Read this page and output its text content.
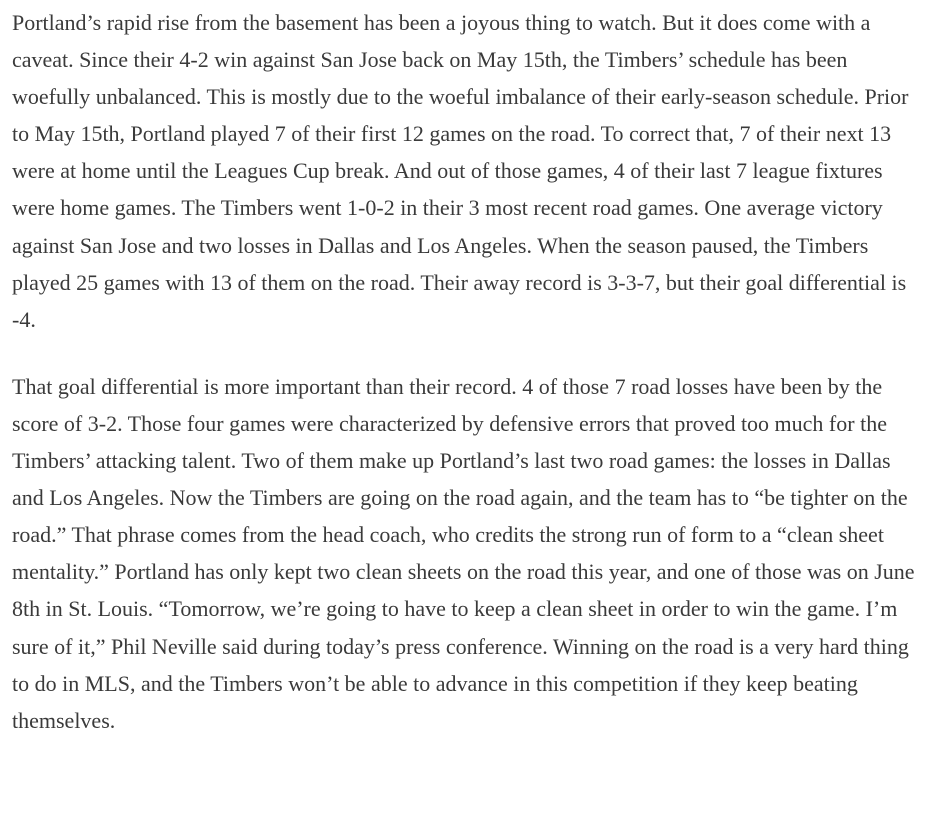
Portland’s rapid rise from the basement has been a joyous thing to watch. But it does come with a caveat. Since their 4-2 win against San Jose back on May 15th, the Timbers’ schedule has been woefully unbalanced. This is mostly due to the woeful imbalance of their early-season schedule. Prior to May 15th, Portland played 7 of their first 12 games on the road. To correct that, 7 of their next 13 were at home until the Leagues Cup break. And out of those games, 4 of their last 7 league fixtures were home games. The Timbers went 1-0-2 in their 3 most recent road games. One average victory against San Jose and two losses in Dallas and Los Angeles. When the season paused, the Timbers played 25 games with 13 of them on the road. Their away record is 3-3-7, but their goal differential is -4.

That goal differential is more important than their record. 4 of those 7 road losses have been by the score of 3-2. Those four games were characterized by defensive errors that proved too much for the Timbers’ attacking talent. Two of them make up Portland’s last two road games: the losses in Dallas and Los Angeles. Now the Timbers are going on the road again, and the team has to “be tighter on the road.” That phrase comes from the head coach, who credits the strong run of form to a “clean sheet mentality.” Portland has only kept two clean sheets on the road this year, and one of those was on June 8th in St. Louis. “Tomorrow, we’re going to have to keep a clean sheet in order to win the game. I’m sure of it,” Phil Neville said during today’s press conference. Winning on the road is a very hard thing to do in MLS, and the Timbers won’t be able to advance in this competition if they keep beating themselves.
